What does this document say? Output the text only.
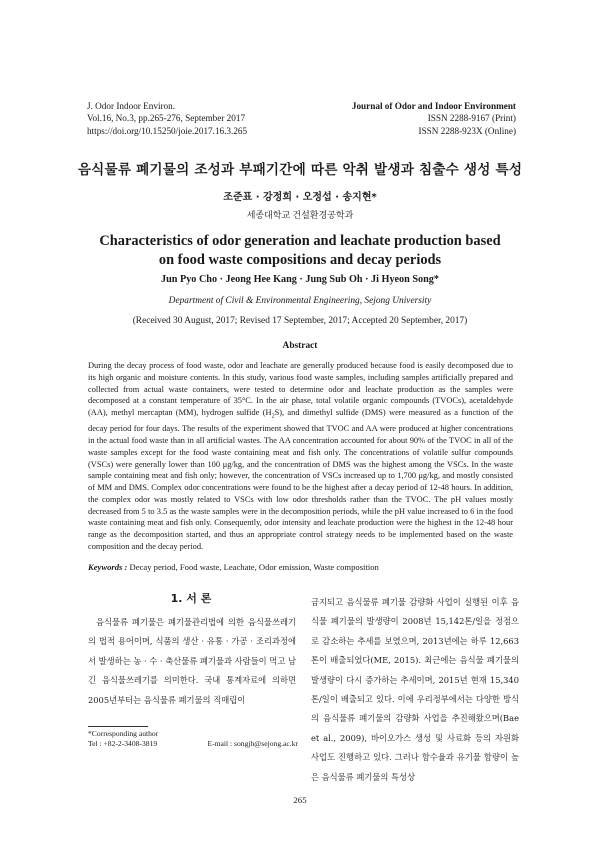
J. Odor Indoor Environ.
Vol.16, No.3, pp.265-276, September 2017
https://doi.org/10.15250/joie.2017.16.3.265
Journal of Odor and Indoor Environment
ISSN 2288-9167 (Print)
ISSN 2288-923X (Online)
음식물류 폐기물의 조성과 부패기간에 따른 악취 발생과 침출수 생성 특성
조준표 · 강정희 · 오정섭 · 송지현*
세종대학교 건설환경공학과
Characteristics of odor generation and leachate production based
on food waste compositions and decay periods
Jun Pyo Cho · Jeong Hee Kang · Jung Sub Oh · Ji Hyeon Song*
Department of Civil & Environmental Engineering, Sejong University
(Received 30 August, 2017; Revised 17 September, 2017; Accepted 20 September, 2017)
Abstract

During the decay process of food waste, odor and leachate are generally produced because food is easily decomposed due to its high organic and moisture contents. In this study, various food waste samples, including samples artificially prepared and collected from actual waste containers, were tested to determine odor and leachate production as the samples were decomposed at a constant temperature of 35°C. In the air phase, total volatile organic compounds (TVOCs), acetaldehyde (AA), methyl mercaptan (MM), hydrogen sulfide $(H_2S)$, and dimethyl sulfide (DMS) were measured as a function of the decay period for four days. The results of the experiment showed that TVOC and AA were produced at higher concentrations in the actual food waste than in all artificial wastes. The AA concentration accounted for about 90% of the TVOC in all of the waste samples except for the food waste containing meat and fish only. The concentrations of volatile sulfur compounds (VSCs) were generally lower than 100 μg/kg, and the concentration of DMS was the highest among the VSCs. In the waste sample containing meat and fish only; however, the concentration of VSCs increased up to 1,700 μg/kg, and mostly consisted of MM and DMS. Complex odor concentrations were found to be the highest after a decay period of 12-48 hours. In addition, the complex odor was mostly related to VSCs with low odor thresholds rather than the TVOC. The pH values mostly decreased from 5 to 3.5 as the waste samples were in the decomposition periods, while the pH value increased to 6 in the food waste containing meat and fish only. Consequently, odor intensity and leachate production were the highest in the 12-48 hour range as the decomposition started, and thus an appropriate control strategy needs to be implemented based on the waste composition and the decay period.

Keywords : Decay period, Food waste, Leachate, Odor emission, Waste composition
1. 서 론

음식물류 폐기물은 폐기물관리법에 의한 음식물쓰레기의 법적 용어이며, 식품의 생산 · 유통 · 가공 · 조리과정에서 발생하는 농 · 수 · 축산물류 폐기물과 사람들이 먹고 남긴 음식물쓰레기를 의미한다. 국내 통계자료에 의하면 2005년부터는 음식물류 폐기물의 직매립이

금지되고 음식물류 폐기물 감량화 사업이 실행된 이후 음식물 폐기물의 발생량이 2008년 15,142톤/일을 정점으로 감소하는 추세를 보였으며, 2013년에는 하루 12,663톤이 배출되었다(ME, 2015). 최근에는 음식물 폐기물의 발생량이 다시 증가하는 추세이며, 2015년 현재 15,340톤/일이 배출되고 있다. 이에 우리정부에서는 다양한 방식의 음식물류 폐기물의 감량화 사업을 추진해왔으며(Bae et al., 2009), 바이오가스 생성 및 사료화 등의 자원화 사업도 진행하고 있다. 그러나 함수율과 유기물 함량이 높은 음식물류 폐기물의 특성상

*Corresponding author
Tel : +82-2-3408-3819	E-mail : songjh@sejong.ac.kr
265
